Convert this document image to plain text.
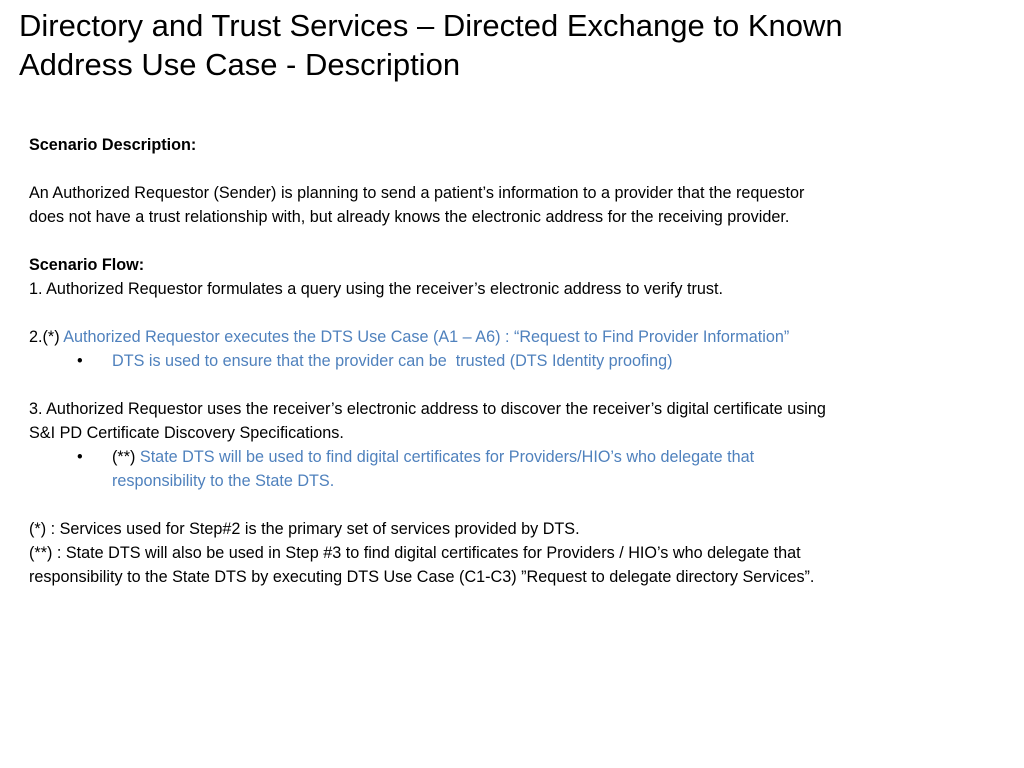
Directory and Trust Services – Directed Exchange to Known
Address Use Case - Description
Scenario Description:
An Authorized Requestor (Sender) is planning to send a patient’s information to a provider that the requestor
does not have a trust relationship with, but already knows the electronic address for the receiving provider.
Scenario Flow:
1. Authorized Requestor formulates a query using the receiver’s electronic address to verify trust.
2.(*) Authorized Requestor executes the DTS Use Case (A1 – A6) : “Request to Find Provider Information”
• DTS is used to ensure that the provider can be  trusted (DTS Identity proofing)
3. Authorized Requestor uses the receiver’s electronic address to discover the receiver’s digital certificate using
S&I PD Certificate Discovery Specifications.
• (**) State DTS will be used to find digital certificates for Providers/HIO’s who delegate that
responsibility to the State DTS.
(*) : Services used for Step#2 is the primary set of services provided by DTS.
(**) : State DTS will also be used in Step #3 to find digital certificates for Providers / HIO’s who delegate that
responsibility to the State DTS by executing DTS Use Case (C1-C3) ”Request to delegate directory Services”.
